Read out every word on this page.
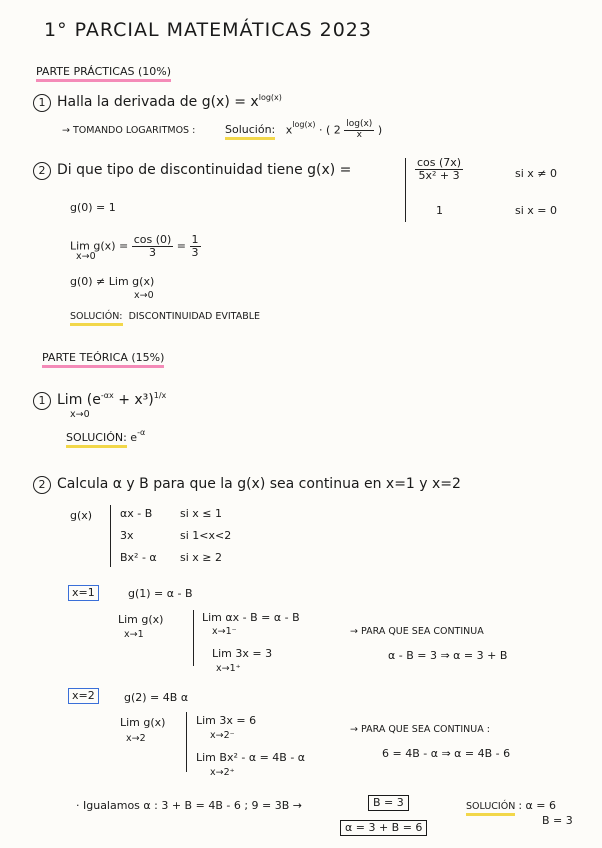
1° PARCIAL MATEMÁTICAS 2023
PARTE PRÁCTICAS (10%)
1 Halla la derivada de $g(x) = x^{log(x)}$
→ TOMANDO LOGARITMOS :	Solución: $x^{log(x)}$ · ( $2 \frac{\log(x)}{x}$ )
2 Di que tipo de discontinuidad tiene g(x) =	$\frac{\cos (7x)}{\text{5x² + 3}}$	si x ≠ 0
1	si x = 0
g(0) = 1
Lim $g(x) = \frac{\cos (0)}{3} = \frac{1}{3}$
x→0
g(0) ≠ Lim g(x)
x→0
SOLUCIÓN: DISCONTINUIDAD EVITABLE
PARTE TEÓRICA (15%)
1 Lim $(e^{-\alpha x} + x^3)^{1/x}$
x→0
SOLUCIÓN: $e^{-\alpha}$
2 Calcula α y B para que la g(x) sea continua en x=1 y x=2
g(x)	αx - B	si x ≤ 1
3x	si 1<x<2
Bx² - α si x ≥ 2
x=1	g(1) = α - B
Lim g(x)
x→1
Lim αx - B = α - B
x→1⁻
Lim 3x = 3
x→1⁺
→ PARA QUE SEA CONTINUA
α - B = 3 ⇒ α = 3 + B
x=2	g(2) = 4B α
Lim g(x)
x→2
Lim 3x = 6
x→2⁻
Lim Bx² - α = 4B - α
x→2⁺
→ PARA QUE SEA CONTINUA :
6 = 4B - α ⇒ α = 4B - 6
· Igualamos α : 3 + B = 4B - 6 ; 9 = 3B →	B = 3
α = 3 + B = 6
SOLUCIÓN : α = 6
B = 3
